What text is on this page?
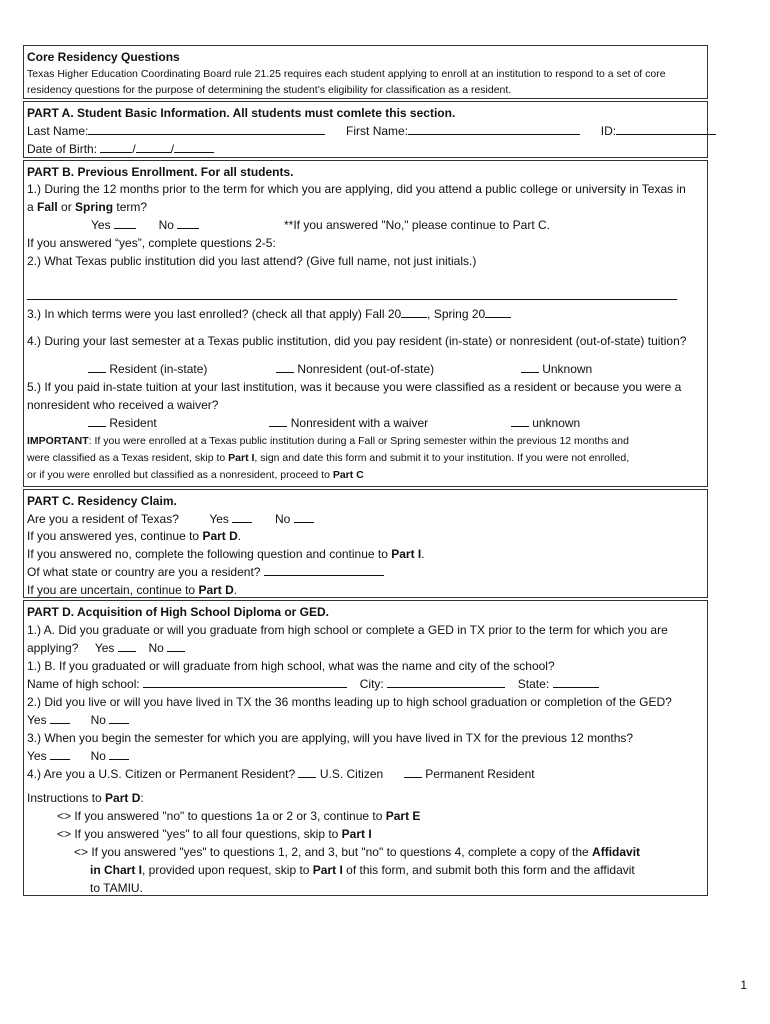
Core Residency Questions
Texas Higher Education Coordinating Board rule 21.25 requires each student applying to enroll at an institution to respond to a set of core
residency questions for the purpose of determining the student’s eligibility for classification as a resident.
PART A. Student Basic Information. All students must comlete this section.
Last Name:	First Name:	ID:
Date of Birth:	/	/
PART B. Previous Enrollment. For all students.
1.) During the 12 months prior to the term for which you are applying, did you attend a public college or university in Texas in
a Fall or Spring term?
Yes	No	**If you answered "No," please continue to Part C.
If you answered “yes”, complete questions 2-5:
2.) What Texas public institution did you last attend? (Give full name, not just initials.)
3.) In which terms were you last enrolled? (check all that apply) Fall 20 , Spring 20
4.) During your last semester at a Texas public institution, did you pay resident (in-state) or nonresident (out-of-state) tuition?
Resident (in-state)	Nonresident (out-of-state)	Unknown
5.) If you paid in-state tuition at your last institution, was it because you were classified as a resident or because you were a
nonresident who received a waiver?
Resident	Nonresident with a waiver	unknown
IMPORTANT: If you were enrolled at a Texas public institution during a Fall or Spring semester within the previous 12 months and
were classified as a Texas resident, skip to Part I, sign and date this form and submit it to your institution. If you were not enrolled,
or if you were enrolled but classified as a nonresident, proceed to Part C
PART C. Residency Claim.
Are you a resident of Texas?	Yes	No
If you answered yes, continue to Part D.
If you answered no, complete the following question and continue to Part I.
Of what state or country are you a resident?
If you are uncertain, continue to Part D.
PART D. Acquisition of High School Diploma or GED.
1.) A. Did you graduate or will you graduate from high school or complete a GED in TX prior to the term for which you are
applying? Yes	No
1.) B. If you graduated or will graduate from high school, what was the name and city of the school?
Name of high school:	City:	State:
2.) Did you live or will you have lived in TX the 36 months leading up to high school graduation or completion of the GED?
Yes	No
3.) When you begin the semester for which you are applying, will you have lived in TX for the previous 12 months?
Yes	No
4.) Are you a U.S. Citizen or Permanent Resident? U.S. Citizen	Permanent Resident
Instructions to Part D:
<> If you answered "no" to questions 1a or 2 or 3, continue to Part E
<> If you answered "yes" to all four questions, skip to Part I
<> If you answered "yes" to questions 1, 2, and 3, but "no" to questions 4, complete a copy of the Affidavit
in Chart I, provided upon request, skip to Part I of this form, and submit both this form and the affidavit
to TAMIU.
1
